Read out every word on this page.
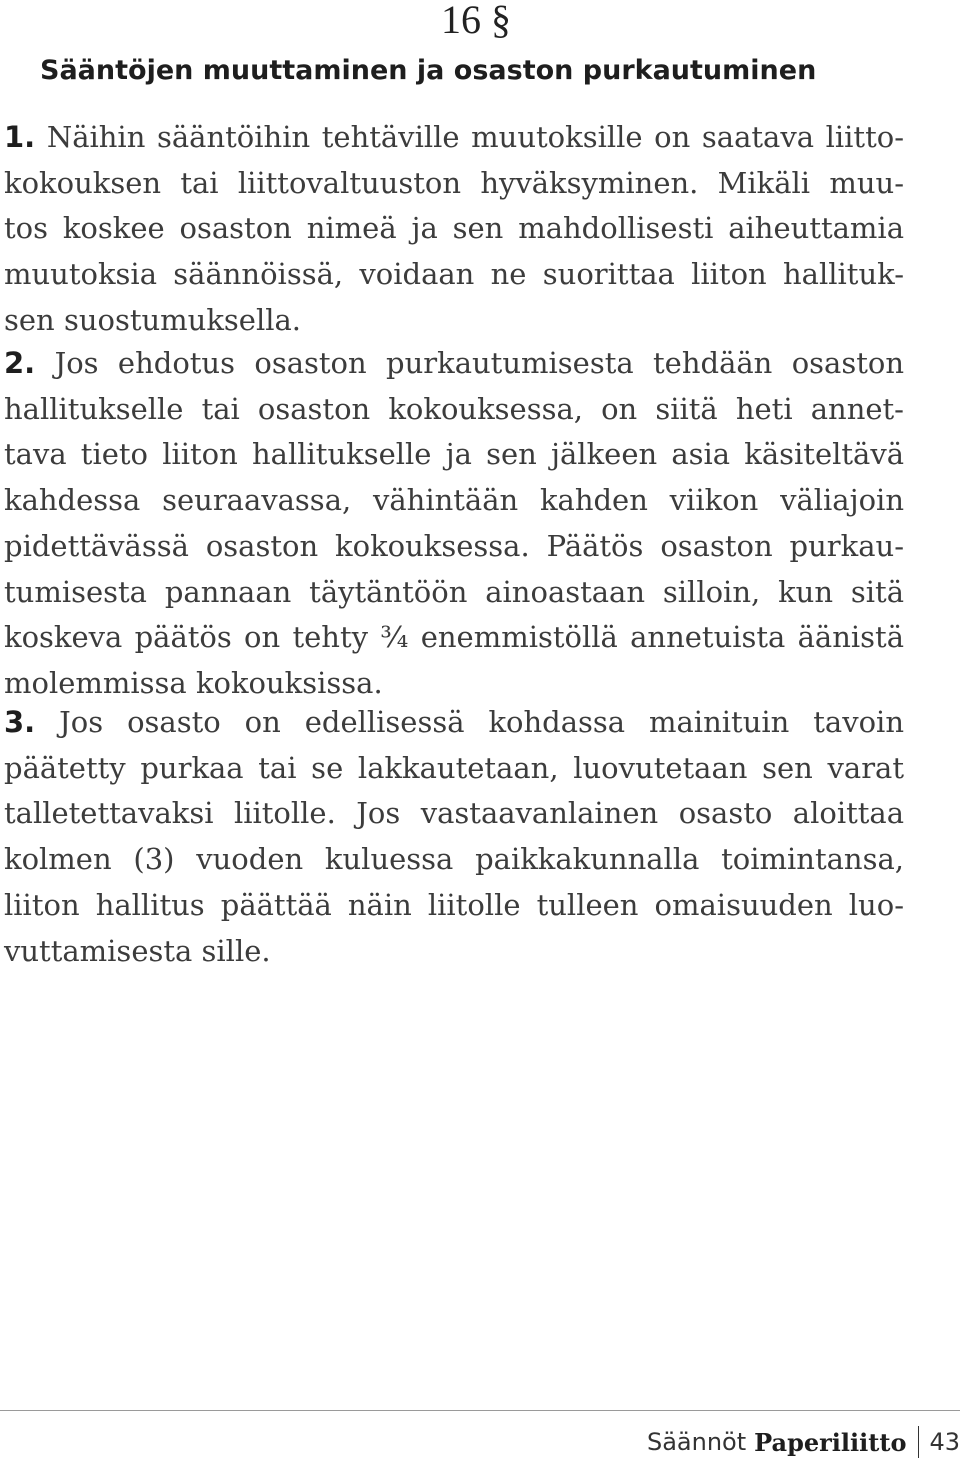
16 §
Sääntöjen muuttaminen ja osaston purkautuminen
1. Näihin sääntöihin tehtäville muutoksille on saatava liitto-
kokouksen tai liittovaltuuston hyväksyminen. Mikäli muu-
tos koskee osaston nimeä ja sen mahdollisesti aiheuttamia
muutoksia säännöissä, voidaan ne suorittaa liiton hallituk-
sen suostumuksella.
2. Jos ehdotus osaston purkautumisesta tehdään osaston
hallitukselle tai osaston kokouksessa, on siitä heti annet-
tava tieto liiton hallitukselle ja sen jälkeen asia käsiteltävä
kahdessa seuraavassa, vähintään kahden viikon väliajoin
pidettävässä osaston kokouksessa. Päätös osaston purkau-
tumisesta pannaan täytäntöön ainoastaan silloin, kun sitä
koskeva päätös on tehty ¾ enemmistöllä annetuista äänistä
molemmissa kokouksissa.
3. Jos osasto on edellisessä kohdassa mainituin tavoin
päätetty purkaa tai se lakkautetaan, luovutetaan sen varat
talletettavaksi liitolle. Jos vastaavanlainen osasto aloittaa
kolmen (3) vuoden kuluessa paikkakunnalla toimintansa,
liiton hallitus päättää näin liitolle tulleen omaisuuden luo-
vuttamisesta sille.
Säännöt Paperiliitto 43
